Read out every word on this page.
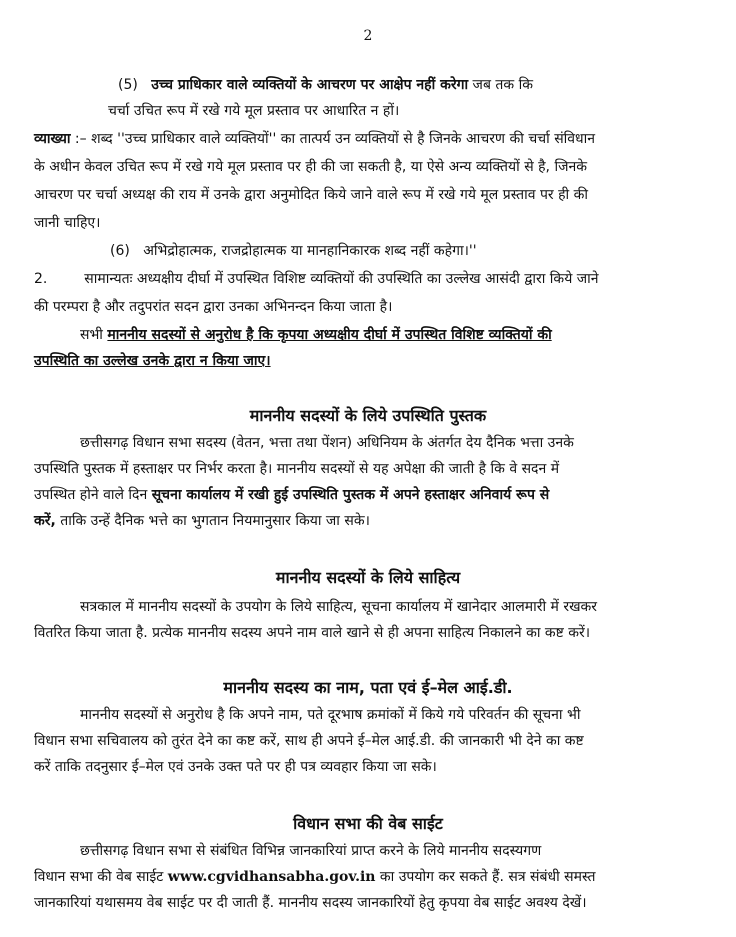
2
(5) उच्च प्राधिकार वाले व्यक्तियों के आचरण पर आक्षेप नहीं करेगा जब तक कि
चर्चा उचित रूप में रखे गये मूल प्रस्ताव पर आधारित न हों।
व्याख्या :– शब्द ''उच्च प्राधिकार वाले व्यक्तियों'' का तात्पर्य उन व्यक्तियों से है जिनके आचरण की चर्चा संविधान
के अधीन केवल उचित रूप में रखे गये मूल प्रस्ताव पर ही की जा सकती है, या ऐसे अन्य व्यक्तियों से है, जिनके
आचरण पर चर्चा अध्यक्ष की राय में उनके द्वारा अनुमोदित किये जाने वाले रूप में रखे गये मूल प्रस्ताव पर ही की
जानी चाहिए।
(6) अभिद्रोहात्मक, राजद्रोहात्मक या मानहानिकारक शब्द नहीं कहेगा।''
2.	सामान्यतः अध्यक्षीय दीर्घा में उपस्थित विशिष्ट व्यक्तियों की उपस्थिति का उल्लेख आसंदी द्वारा किये जाने
की परम्परा है और तदुपरांत सदन द्वारा उनका अभिनन्दन किया जाता है।
सभी माननीय सदस्यों से अनुरोध है कि कृपया अध्यक्षीय दीर्घा में उपस्थित विशिष्ट व्यक्तियों की
उपस्थिति का उल्लेख उनके द्वारा न किया जाए।
माननीय सदस्यों के लिये उपस्थिति पुस्तक
छत्तीसगढ़ विधान सभा सदस्य (वेतन, भत्ता तथा पेंशन) अधिनियम के अंतर्गत देय दैनिक भत्ता उनके
उपस्थिति पुस्तक में हस्ताक्षर पर निर्भर करता है। माननीय सदस्यों से यह अपेक्षा की जाती है कि वे सदन में
उपस्थित होने वाले दिन सूचना कार्यालय में रखी हुई उपस्थिति पुस्तक में अपने हस्ताक्षर अनिवार्य रूप से
करें, ताकि उन्हें दैनिक भत्ते का भुगतान नियमानुसार किया जा सके।
माननीय सदस्यों के लिये साहित्य
सत्रकाल में माननीय सदस्यों के उपयोग के लिये साहित्य, सूचना कार्यालय में खानेदार आलमारी में रखकर
वितरित किया जाता है. प्रत्येक माननीय सदस्य अपने नाम वाले खाने से ही अपना साहित्य निकालने का कष्ट करें।
माननीय सदस्य का नाम, पता एवं ई–मेल आई.डी.
माननीय सदस्यों से अनुरोध है कि अपने नाम, पते दूरभाष क्रमांकों में किये गये परिवर्तन की सूचना भी
विधान सभा सचिवालय को तुरंत देने का कष्ट करें, साथ ही अपने ई–मेल आई.डी. की जानकारी भी देने का कष्ट
करें ताकि तदनुसार ई–मेल एवं उनके उक्त पते पर ही पत्र व्यवहार किया जा सके।
विधान सभा की वेब साईट
छत्तीसगढ़ विधान सभा से संबंधित विभिन्न जानकारियां प्राप्त करने के लिये माननीय सदस्यगण
विधान सभा की वेब साईट www.cgvidhansabha.gov.in का उपयोग कर सकते हैं. सत्र संबंधी समस्त
जानकारियां यथासमय वेब साईट पर दी जाती हैं. माननीय सदस्य जानकारियों हेतु कृपया वेब साईट अवश्य देखें।
